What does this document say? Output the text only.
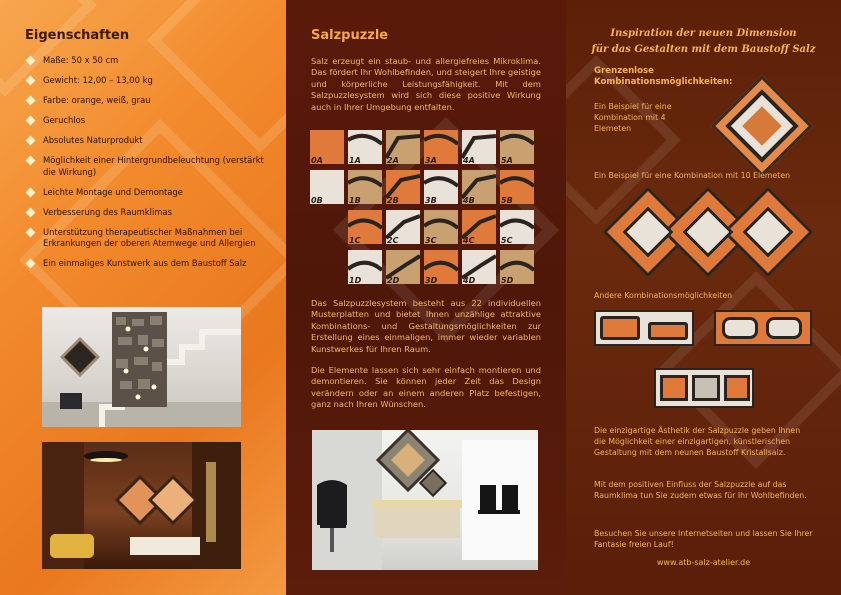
Eigenschaften
Maße: 50 x 50 cm
Gewicht: 12,00 – 13,00 kg
Farbe: orange, weiß, grau
Geruchlos
Absolutes Naturprodukt
Möglichkeit einer Hintergrundbeleuchtung (verstärkt die Wirkung)
Leichte Montage und Demontage
Verbesserung des Raumklimas
Unterstützung therapeutischer Maßnahmen bei Erkrankungen der oberen Atemwege und Allergien
Ein einmaliges Kunstwerk aus dem Baustoff Salz
Salzpuzzle

Salz erzeugt ein staub- und allergiefreies Mikroklima. Das fördert Ihr Wohlbefinden, und steigert Ihre geistige und körperliche Leistungsfähigkeit. Mit dem Salzpuzzlesystem wird sich diese positive Wirkung auch in Ihrer Umgebung entfalten.

0A	1A	2A	3A	4A	5A
0B	1B	2B	3B	4B	5B
1C	2C	3C	4C	5C
1D	2D	3D	4D	5D

Das Salzpuzzlesystem besteht aus 22 individuellen Musterplatten und bietet Ihnen unzählige attraktive Kombinations- und Gestaltungsmöglichkeiten zur Erstellung eines einmaligen, immer wieder variablen Kunstwerkes für Ihren Raum.

Die Elemente lassen sich sehr einfach montieren und demontieren. Sie können jeder Zeit das Design verändern oder an einem anderen Platz befestigen, ganz nach Ihren Wünschen.

Inspiration der neuen Dimension
für das Gestalten mit dem Baustoff Salz
Grenzenlose Kombinationsmöglichkeiten:
Ein Beispiel für eine Kombination mit 4 Elemeten
Ein Beispiel für eine Kombination mit 10 Elemeten
Andere Kombinationsmöglichkeiten
Die einzigartige Ästhetik der Salzpuzzle geben Ihnen die Möglichkeit einer einzigartigen, künstlerischen Gestaltung mit dem neunen Baustoff Kristallsalz.
Mit dem positiven Einfluss der Salzpuzzle auf das Raumklima tun Sie zudem etwas für Ihr Wohlbefinden.
Besuchen Sie unsere Internetseiten und lassen Sie Ihrer Fantasie freien Lauf!
www.atb-salz-atelier.de
